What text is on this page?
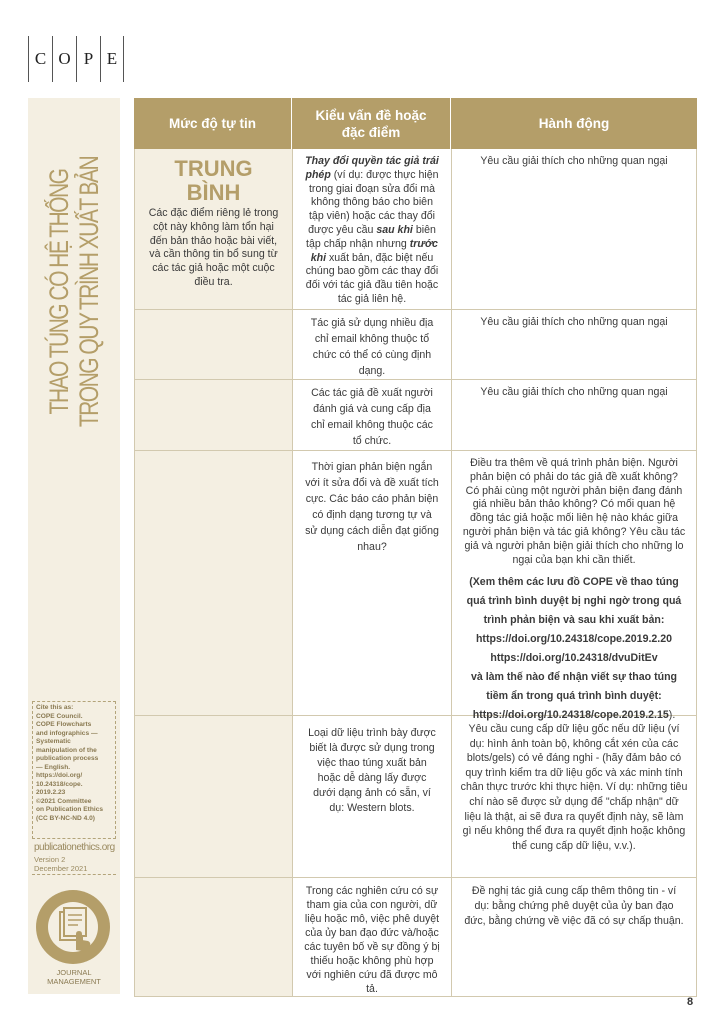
C O P E
THAO TÚNG CÓ HỆ THỐNG TRONG QUY TRÌNH XUẤT BẢN
Cite this as:
COPE Council.
COPE Flowcharts
and infographics —
Systematic
manipulation of the
publication process
— English.
https://doi.org/
10.24318/cope.
2019.2.23
©2021 Committee
on Publication Ethics
(CC BY-NC-ND 4.0)
publicationethics.org
Version 2
December 2021
JOURNAL
MANAGEMENT
Mức độ tự tin
Kiểu vấn đề hoặc đặc điểm
Hành động
TRUNG BÌNH
Các đặc điểm riêng lẻ trong cột này không làm tổn hại đến bản thảo hoặc bài viết, và cần thông tin bổ sung từ các tác giả hoặc một cuộc điều tra.
Thay đổi quyền tác giả trái phép (ví dụ: được thực hiện trong giai đoạn sửa đổi mà không thông báo cho biên tập viên) hoặc các thay đổi được yêu cầu sau khi biên tập chấp nhận nhưng trước khi xuất bản, đặc biệt nếu chúng bao gồm các thay đổi đối với tác giả đầu tiên hoặc tác giả liên hệ.
Yêu cầu giải thích cho những quan ngại
Tác giả sử dụng nhiều địa chỉ email không thuộc tổ chức có thể có cùng định dạng.
Yêu cầu giải thích cho những quan ngại
Các tác giả đề xuất người đánh giá và cung cấp địa chỉ email không thuộc các tổ chức.
Yêu cầu giải thích cho những quan ngại
Thời gian phản biện ngắn với ít sửa đổi và đề xuất tích cực. Các báo cáo phản biện có định dạng tương tự và sử dụng cách diễn đạt giống nhau?
Điều tra thêm về quá trình phản biện. Người phản biện có phải do tác giả đề xuất không? Có phải cùng một người phản biện đang đánh giá nhiều bản thảo không? Có mối quan hệ đồng tác giả hoặc mối liên hệ nào khác giữa người phản biện và tác giả không? Yêu cầu tác giả và người phản biện giải thích cho những lo ngại của bạn khi cần thiết.
(Xem thêm các lưu đồ COPE về thao túng quá trình bình duyệt bị nghi ngờ trong quá trình phản biện và sau khi xuất bản:
https://doi.org/10.24318/cope.2019.2.20
https://doi.org/10.24318/dvuDitEv
và làm thế nào để nhận viết sự thao túng tiềm ẩn trong quá trình bình duyệt:
https://doi.org/10.24318/cope.2019.2.15).
Loại dữ liệu trình bày được biết là được sử dụng trong việc thao túng xuất bản hoặc dễ dàng lấy được dưới dạng ảnh có sẵn, ví dụ: Western blots.
Yêu cầu cung cấp dữ liệu gốc nếu dữ liệu (ví dụ: hình ảnh toàn bộ, không cắt xén của các blots/gels) có vẻ đáng nghi - (hãy đảm bảo có quy trình kiểm tra dữ liệu gốc và xác minh tính chân thực trước khi thực hiện. Ví dụ: những tiêu chí nào sẽ được sử dụng để "chấp nhận" dữ liệu là thật, ai sẽ đưa ra quyết định này, sẽ làm gì nếu không thể đưa ra quyết định hoặc không thể cung cấp dữ liệu, v.v.).
Trong các nghiên cứu có sự tham gia của con người, dữ liệu hoặc mô, việc phê duyệt của ủy ban đạo đức và/hoặc các tuyên bố về sự đồng ý bị thiếu hoặc không phù hợp với nghiên cứu đã được mô tả.
Đề nghị tác giả cung cấp thêm thông tin - ví dụ: bằng chứng phê duyệt của ủy ban đạo đức, bằng chứng về việc đã có sự chấp thuận.
8
